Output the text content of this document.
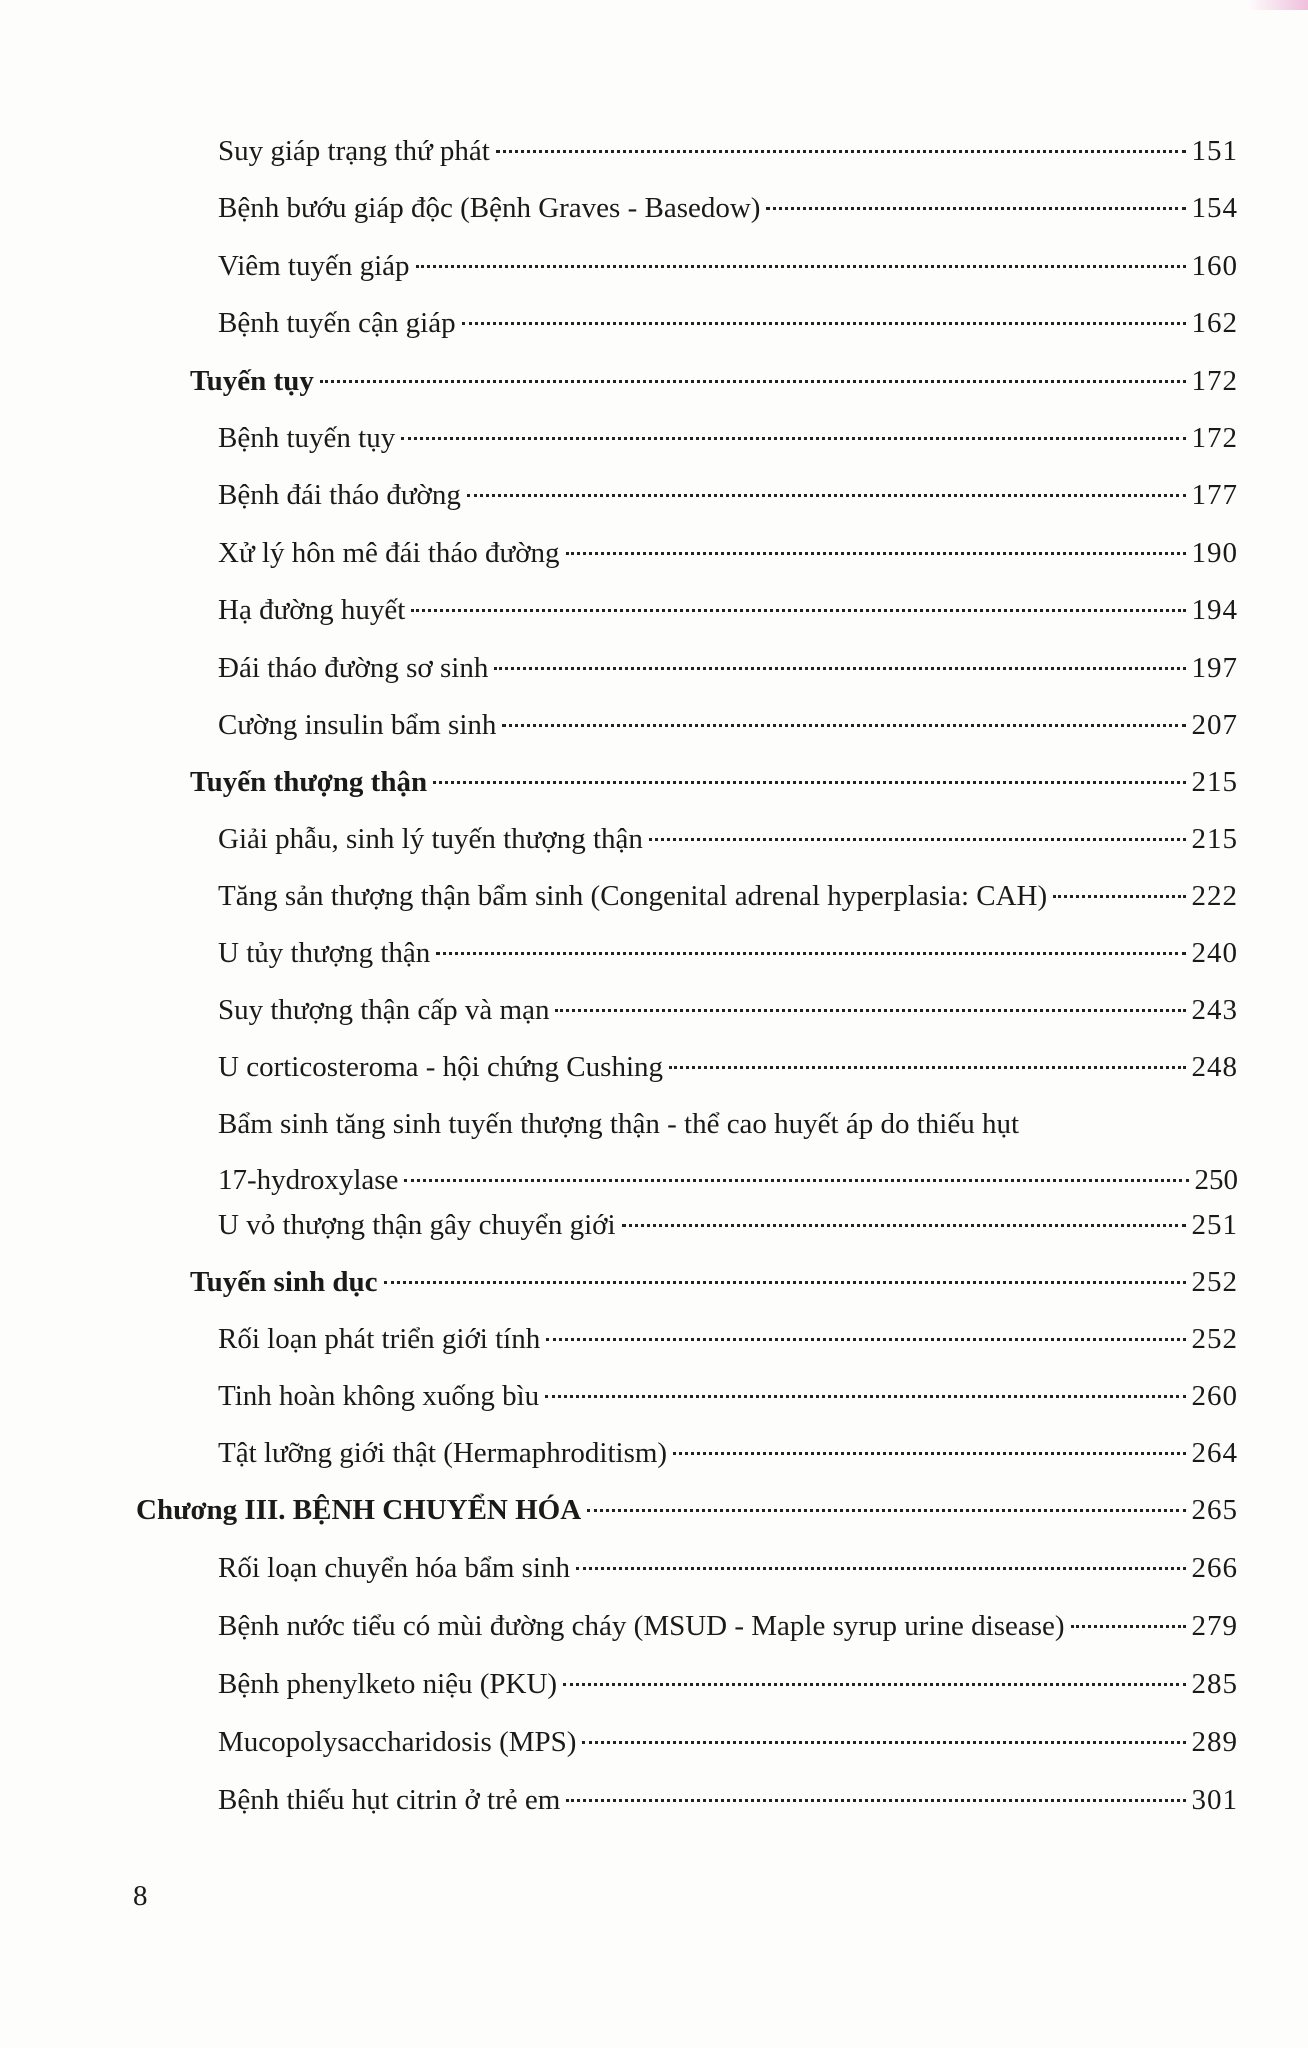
Suy giáp trạng thứ phát	151
Bệnh bướu giáp độc (Bệnh Graves - Basedow)	154
Viêm tuyến giáp	160
Bệnh tuyến cận giáp	162
Tuyến tụy	172
Bệnh tuyến tụy	172
Bệnh đái tháo đường	177
Xử lý hôn mê đái tháo đường	190
Hạ đường huyết	194
Đái tháo đường sơ sinh	197
Cường insulin bẩm sinh	207
Tuyến thượng thận	215
Giải phẫu, sinh lý tuyến thượng thận	215
Tăng sản thượng thận bẩm sinh (Congenital adrenal hyperplasia: CAH)	222
U tủy thượng thận	240
Suy thượng thận cấp và mạn	243
U corticosteroma - hội chứng Cushing	248
Bẩm sinh tăng sinh tuyến thượng thận - thể cao huyết áp do thiếu hụt
17-hydroxylase	250
U vỏ thượng thận gây chuyển giới	251
Tuyến sinh dục	252
Rối loạn phát triển giới tính	252
Tinh hoàn không xuống bìu	260
Tật lưỡng giới thật (Hermaphroditism)	264
Chương III. BỆNH CHUYỂN HÓA	265
Rối loạn chuyển hóa bẩm sinh	266
Bệnh nước tiểu có mùi đường cháy (MSUD - Maple syrup urine disease)	279
Bệnh phenylketo niệu (PKU)	285
Mucopolysaccharidosis (MPS)	289
Bệnh thiếu hụt citrin ở trẻ em	301
8
